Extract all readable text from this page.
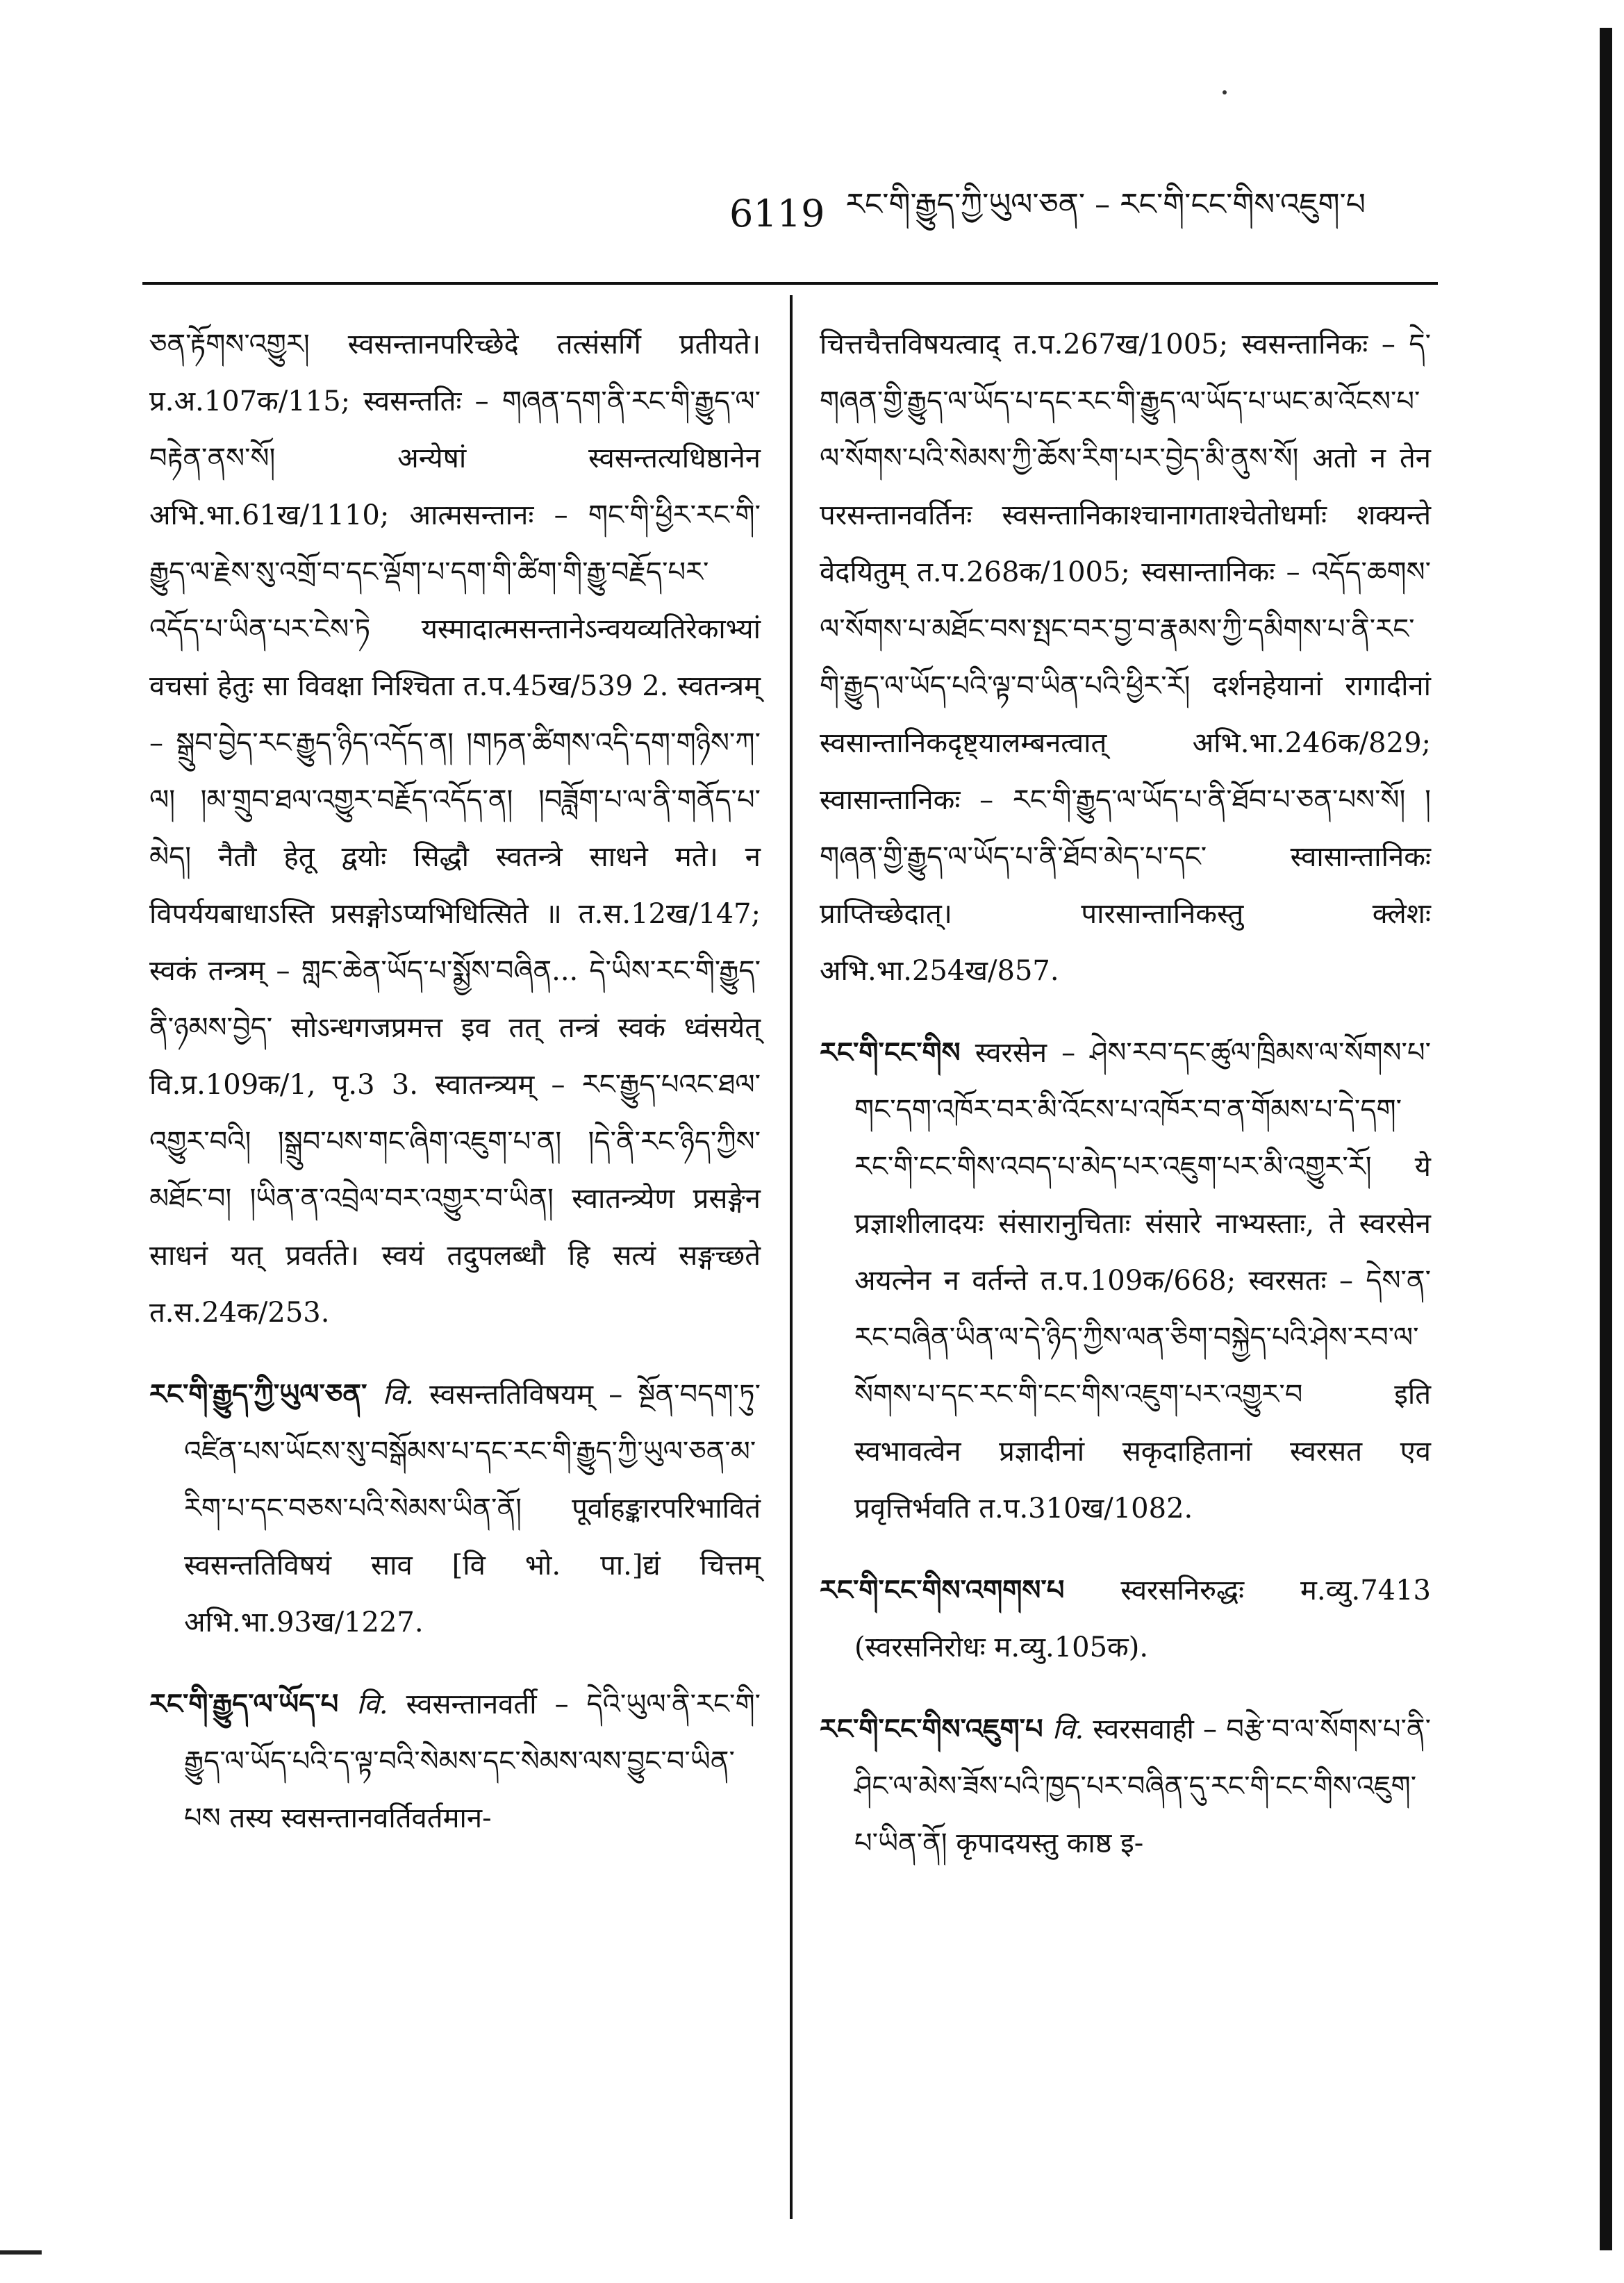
6119 རང་གི་རྒྱུད་ཀྱི་ཡུལ་ཅན་ – རང་གི་ངང་གིས་འཇུག་པ

ཅན་རྟོགས་འགྱུར། स्वसन्तानपरिच्छेदे तत्संसर्गि प्रतीयते। प्र.अ.107क/115; स्वसन्ततिः – གཞན་དག་ནི་རང་གི་རྒྱུད་ལ་བརྟེན་ནས་སོ། अन्येषां स्वसन्तत्यधिष्ठानेन अभि.भा.61ख/1110; आत्मसन्तानः – གང་གི་ཕྱིར་རང་གི་རྒྱུད་ལ་རྗེས་སུ་འགྲོ་བ་དང་ལྡོག་པ་དག་གི་ཚིག་གི་རྒྱུ་བརྗོད་པར་འདོད་པ་ཡིན་པར་ངེས་ཏེ यस्मादात्मसन्तानेऽन्वयव्यतिरेकाभ्यां वचसां हेतुः सा विवक्षा निश्चिता त.प.45ख/539 2. स्वतन्त्रम् – སྒྲུབ་བྱེད་རང་རྒྱུད་ཉིད་འདོད་ན། །གཏན་ཚིགས་འདི་དག་གཉིས་ཀ་ལ། །མ་གྲུབ་ཐལ་འགྱུར་བརྗོད་འདོད་ན། །བཟློག་པ་ལ་ནི་གནོད་པ་མེད། नैतौ हेतू द्वयोः सिद्धौ स्वतन्त्रे साधने मते। न विपर्ययबाधाऽस्ति प्रसङ्गोऽप्यभिधित्सिते ॥ त.स.12ख/147; स्वकं तन्त्रम् – གླང་ཆེན་ཡོད་པ་སྨྱོས་བཞིན... དེ་ཡིས་རང་གི་རྒྱུད་ནི་ཉམས་བྱེད་ सोऽन्धगजप्रमत्त इव तत् तन्त्रं स्वकं ध्वंसयेत् वि.प्र.109क/1, पृ.3 3. स्वातन्त्र्यम् – རང་རྒྱུད་པའང་ཐལ་འགྱུར་བའི། །སྒྲུབ་པས་གང་ཞིག་འཇུག་པ་ན། །དེ་ནི་རང་ཉིད་ཀྱིས་མཐོང་བ། །ཡིན་ན་འབྲེལ་བར་འགྱུར་བ་ཡིན། स्वातन्त्र्येण प्रसङ्गेन साधनं यत् प्रवर्तते। स्वयं तदुपलब्धौ हि सत्यं सङ्गच्छते त.स.24क/253.

རང་གི་རྒྱུད་ཀྱི་ཡུལ་ཅན་ वि. स्वसन्ततिविषयम् – སྔོན་བདག་ཏུ་འཛིན་པས་ཡོངས་སུ་བསྒོམས་པ་དང་རང་གི་རྒྱུད་ཀྱི་ཡུལ་ཅན་མ་རིག་པ་དང་བཅས་པའི་སེམས་ཡིན་ནོ། पूर्वाहङ्कारपरिभावितं स्वसन्ततिविषयं साव [वि भो. पा.]द्यं चित्तम् अभि.भा.93ख/1227.

རང་གི་རྒྱུད་ལ་ཡོད་པ वि. स्वसन्तानवर्ती – དེའི་ཡུལ་ནི་རང་གི་རྒྱུད་ལ་ཡོད་པའི་ད་ལྟ་བའི་སེམས་དང་སེམས་ལས་བྱུང་བ་ཡིན་པས तस्य स्वसन्तानवर्तिवर्तमान-

चित्तचैत्तविषयत्वाद् त.प.267ख/1005; स्वसन्तानिकः – དེ་གཞན་གྱི་རྒྱུད་ལ་ཡོད་པ་དང་རང་གི་རྒྱུད་ལ་ཡོད་པ་ཡང་མ་འོངས་པ་ལ་སོགས་པའི་སེམས་ཀྱི་ཆོས་རིག་པར་བྱེད་མི་ནུས་སོ། अतो न तेन परसन्तानवर्तिनः स्वसन्तानिकाश्चानागताश्चेतोधर्माः शक्यन्ते वेदयितुम् त.प.268क/1005; स्वसान्तानिकः – འདོད་ཆགས་ལ་སོགས་པ་མཐོང་བས་སྤང་བར་བྱ་བ་རྣམས་ཀྱི་དམིགས་པ་ནི་རང་གི་རྒྱུད་ལ་ཡོད་པའི་ལྟ་བ་ཡིན་པའི་ཕྱིར་རོ། दर्शनहेयानां रागादीनां स्वसान्तानिकदृष्ट्यालम्बनत्वात् अभि.भा.246क/829; स्वासान्तानिकः – རང་གི་རྒྱུད་ལ་ཡོད་པ་ནི་ཐོབ་པ་ཅན་པས་སོ། །གཞན་གྱི་རྒྱུད་ལ་ཡོད་པ་ནི་ཐོབ་མེད་པ་དང་ स्वासान्तानिकः प्राप्तिच्छेदात्। पारसान्तानिकस्तु क्लेशः अभि.भा.254ख/857.

རང་གི་ངང་གིས स्वरसेन – ཤེས་རབ་དང་ཚུལ་ཁྲིམས་ལ་སོགས་པ་གང་དག་འཁོར་བར་མི་འོངས་པ་འཁོར་བ་ན་གོམས་པ་དེ་དག་རང་གི་ངང་གིས་འབད་པ་མེད་པར་འཇུག་པར་མི་འགྱུར་རོ། ये प्रज्ञाशीलादयः संसारानुचिताः संसारे नाभ्यस्ताः, ते स्वरसेन अयत्नेन न वर्तन्ते त.प.109क/668; स्वरसतः – དེས་ན་རང་བཞིན་ཡིན་ལ་དེ་ཉིད་ཀྱིས་ལན་ཅིག་བསྐྱེད་པའི་ཤེས་རབ་ལ་སོགས་པ་དང་རང་གི་ངང་གིས་འཇུག་པར་འགྱུར་བ इति स्वभावत्वेन प्रज्ञादीनां सकृदाहितानां स्वरसत एव प्रवृत्तिर्भवति त.प.310ख/1082.

རང་གི་ངང་གིས་འགགས་པ स्वरसनिरुद्धः म.व्यु.7413 (स्वरसनिरोधः म.व्यु.105क).

རང་གི་ངང་གིས་འཇུག་པ वि. स्वरसवाही – བརྩེ་བ་ལ་སོགས་པ་ནི་ཤིང་ལ་མེས་ཟོས་པའི་ཁྱད་པར་བཞིན་དུ་རང་གི་ངང་གིས་འཇུག་པ་ཡིན་ནོ། कृपादयस्तु काष्ठ इ-
